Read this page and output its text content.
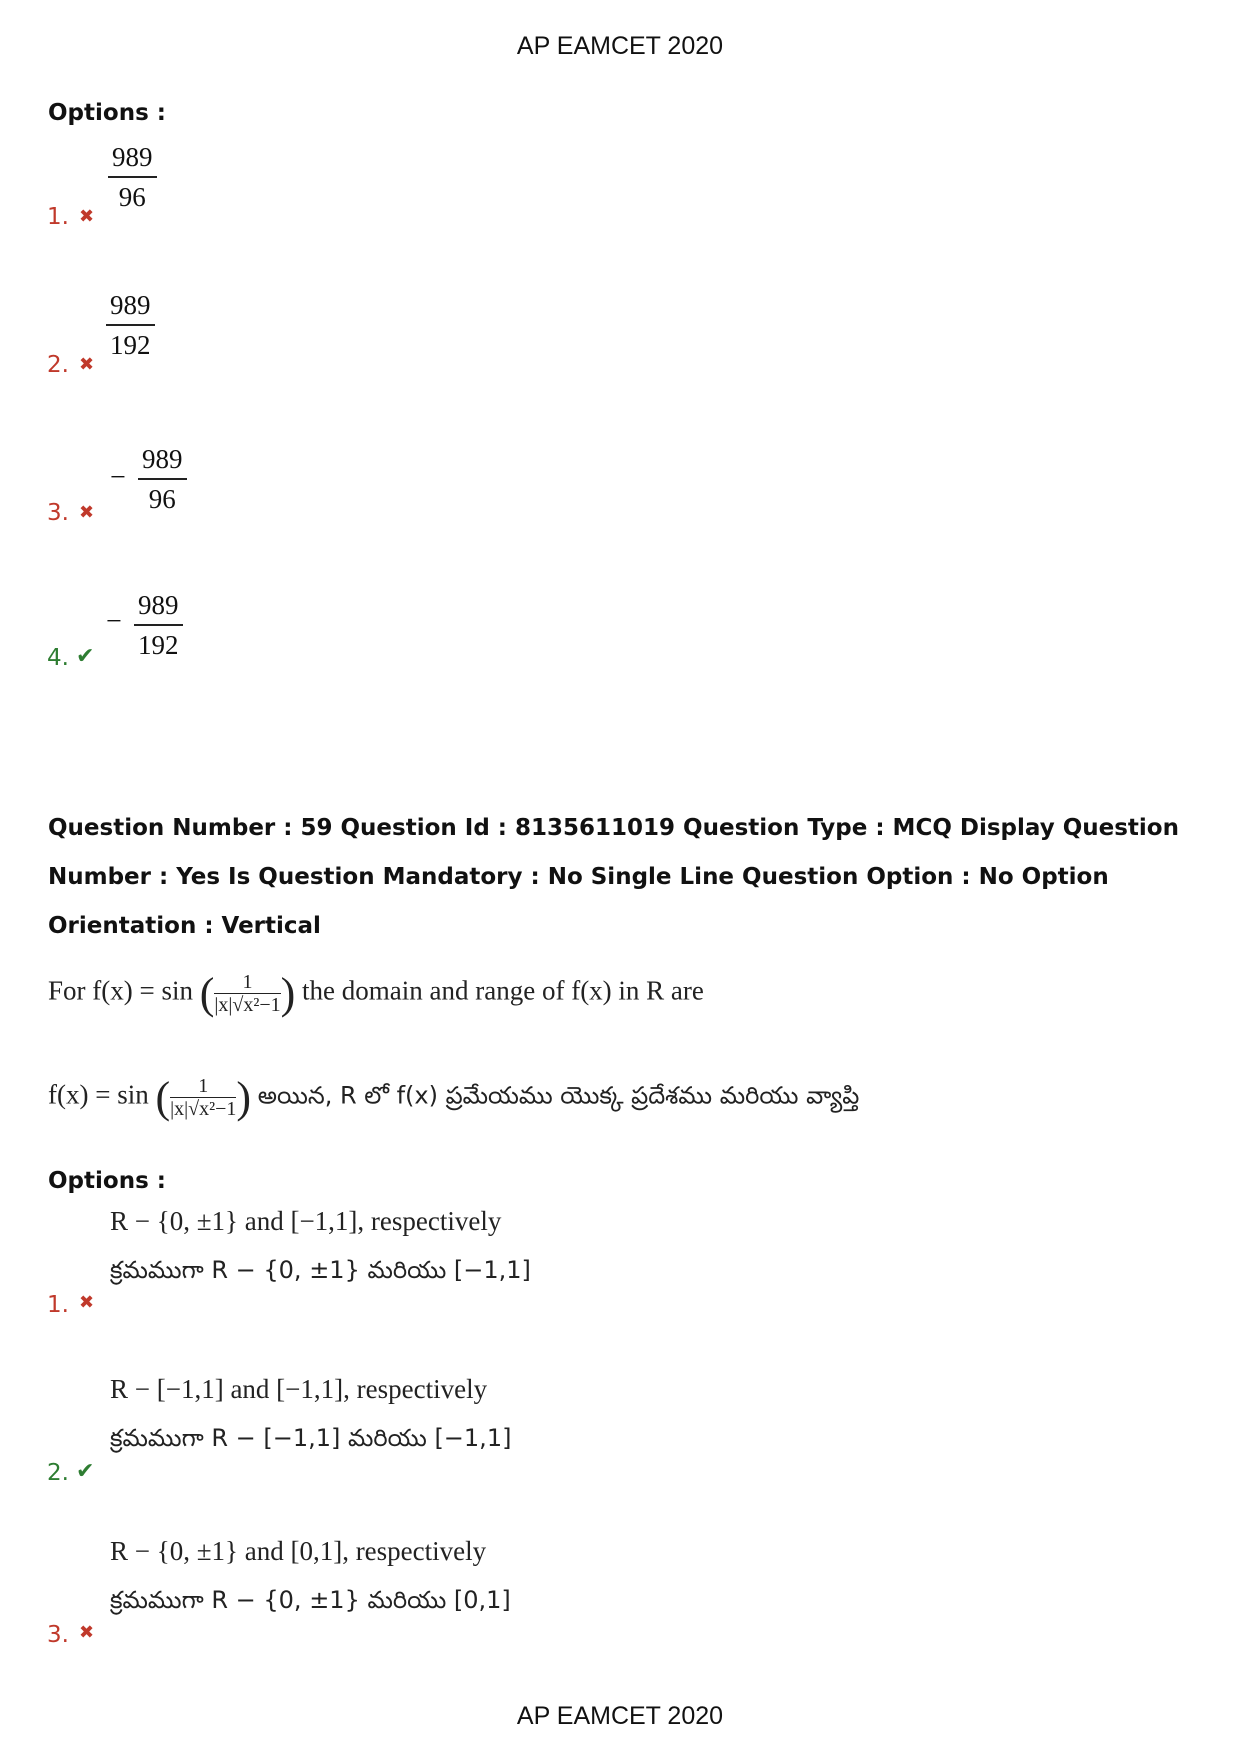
AP EAMCET 2020
Options :
1. ✖
989
96
2. ✖
989
192
3. ✖
−
989
96
4. ✔
−
989
192
Question Number : 59 Question Id : 8135611019 Question Type : MCQ Display Question Number : Yes Is Question Mandatory : No Single Line Question Option : No Option Orientation : Vertical
For f(x) = sin ( $\frac{1}{\text{|x|√x²−1}}$ ) the domain and range of f(x) in R are
f(x) = sin ( $\frac{1}{\text{|x|√x²−1}}$ ) అయిన, R లో f(x) ప్రమేయము యొక్క ప్రదేశము మరియు వ్యాప్తి
Options :
R − {0, ±1} and [−1,1], respectively
క్రమముగా R − {0, ±1} మరియు [−1,1]
1. ✖
R − [−1,1] and [−1,1], respectively
క్రమముగా R − [−1,1] మరియు [−1,1]
2. ✔
R − {0, ±1} and [0,1], respectively
క్రమముగా R − {0, ±1} మరియు [0,1]
3. ✖
AP EAMCET 2020
